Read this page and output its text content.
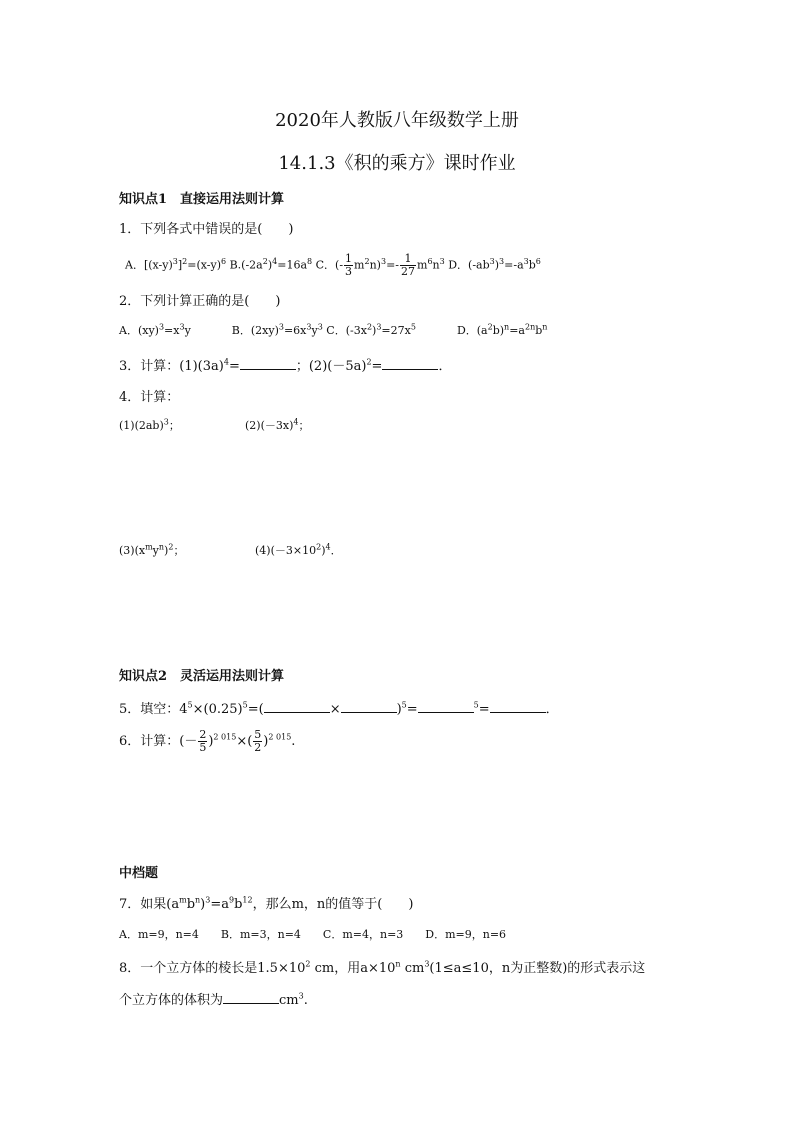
2020年人教版八年级数学上册
14.1.3《积的乘方》课时作业
知识点1　直接运用法则计算
1．下列各式中错误的是(　　)
A．$[(x-y)^3]^2=(x-y)^6$ $B.(-2a^2)^4=16a^8$ C．(- $\frac{1}{3} m^2n)^3=- \frac{1}{27} m^6n^3$ D．$(-ab^3)^3=-a^3b^6$
2．下列计算正确的是(　　)
A．$(xy)^3=x^3y$	B．$(2xy)^3=6x^3y^3$ C．$(-3x^2)^3=27x^5$	D．$(a^2b)^n=a^{2n}b^n$
3．计算：$(1)(3a)^4=$	；$(2)(-5a)^2=$	．
4．计算：
$(1)(2ab)^3$；	$(2)(-3x)^4$；
$(3)(x^my^n)^2$；	$(4)(-3\times 10^2)^4$．
知识点2　灵活运用法则计算
5．填空：$4^5\times(0.25)^5=$(	×	)$^5$=	$^5$=	．
6．计算：(－ $\frac{2}{5} )^{2 015}\times( \frac{5}{2} )^{2 015}$.
中档题
7．如果$(a^mb^n)^3=a^9b^{12}$，那么m，n的值等于(　　)
A．m=9，n=4　　B．m=3，n=4　　C．m=4，n=3　　D．m=9，n=6
8．一个立方体的棱长是$1.5\times 10^2$ cm，用$a\times 10^n$ $cm^3(1\le a\le 10$，n为正整数)的形式表示这
个立方体的体积为	$cm^3$.
